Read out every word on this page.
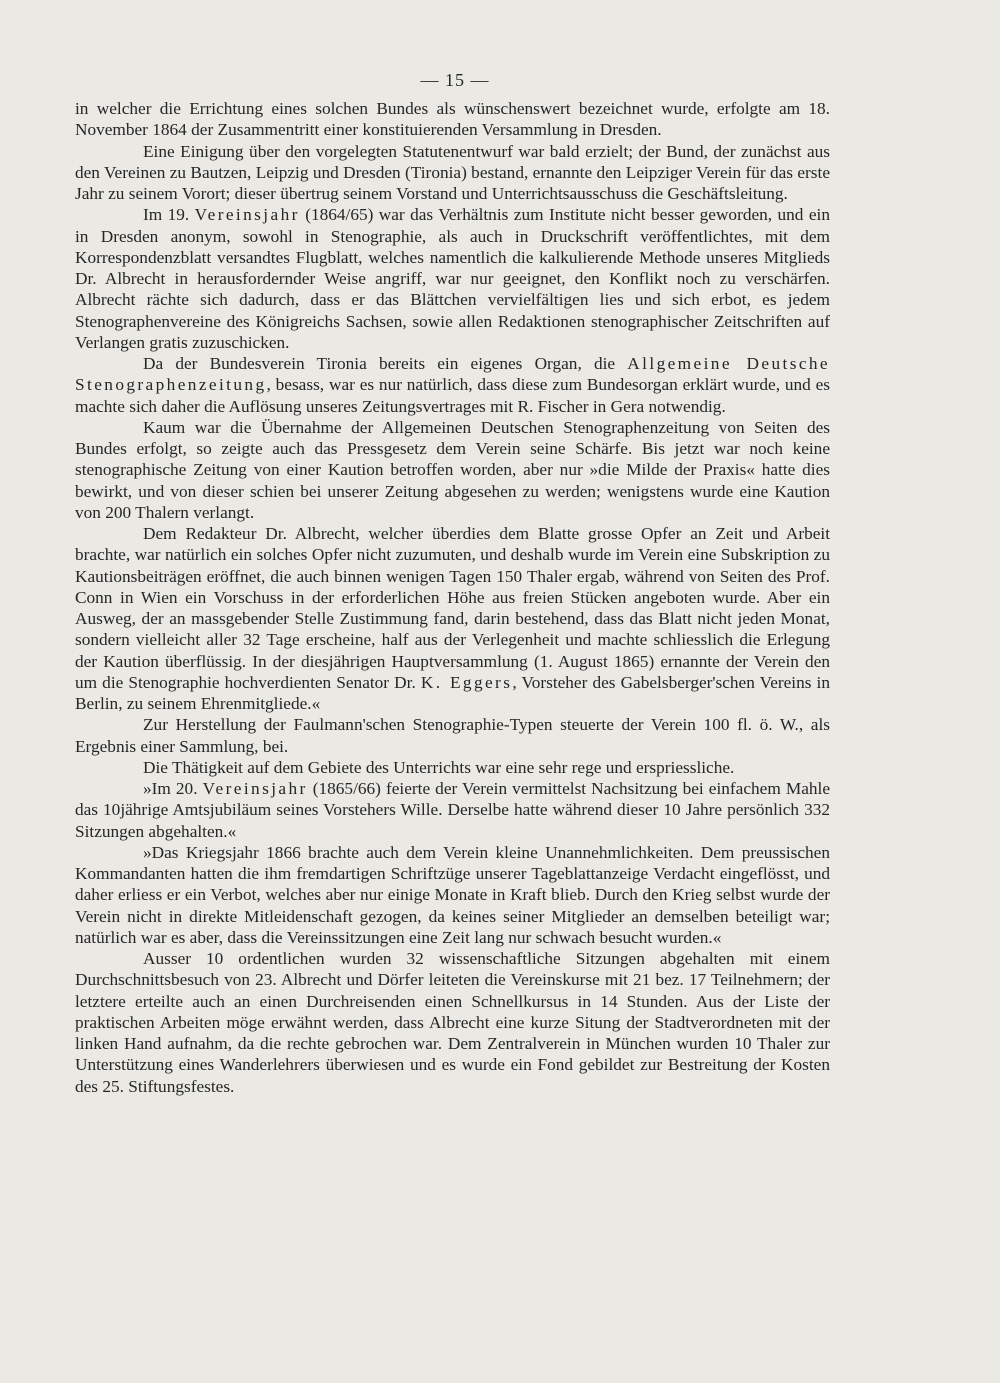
— 15 —

in welcher die Errichtung eines solchen Bundes als wünschenswert bezeichnet wurde, erfolgte am 18. November 1864 der Zusammentritt einer konstituierenden Versammlung in Dresden.

Eine Einigung über den vorgelegten Statutenentwurf war bald erzielt; der Bund, der zunächst aus den Vereinen zu Bautzen, Leipzig und Dresden (Tironia) bestand, ernannte den Leipziger Verein für das erste Jahr zu seinem Vorort; dieser übertrug seinem Vorstand und Unterrichtsausschuss die Geschäftsleitung.

Im 19. Vereinsjahr (1864/65) war das Verhältnis zum Institute nicht besser geworden, und ein in Dresden anonym, sowohl in Stenographie, als auch in Druckschrift veröffentlichtes, mit dem Korrespondenzblatt versandtes Flugblatt, welches namentlich die kalkulierende Methode unseres Mitglieds Dr. Albrecht in herausfordernder Weise angriff, war nur geeignet, den Konflikt noch zu verschärfen. Albrecht rächte sich dadurch, dass er das Blättchen vervielfältigen lies und sich erbot, es jedem Stenographenvereine des Königreichs Sachsen, sowie allen Redaktionen stenographischer Zeitschriften auf Verlangen gratis zuzuschicken.

Da der Bundesverein Tironia bereits ein eigenes Organ, die Allgemeine Deutsche Stenographenzeitung, besass, war es nur natürlich, dass diese zum Bundesorgan erklärt wurde, und es machte sich daher die Auflösung unseres Zeitungsvertrages mit R. Fischer in Gera notwendig.

Kaum war die Übernahme der Allgemeinen Deutschen Stenographenzeitung von Seiten des Bundes erfolgt, so zeigte auch das Pressgesetz dem Verein seine Schärfe. Bis jetzt war noch keine stenographische Zeitung von einer Kaution betroffen worden, aber nur »die Milde der Praxis« hatte dies bewirkt, und von dieser schien bei unserer Zeitung abgesehen zu werden; wenigstens wurde eine Kaution von 200 Thalern verlangt.

Dem Redakteur Dr. Albrecht, welcher überdies dem Blatte grosse Opfer an Zeit und Arbeit brachte, war natürlich ein solches Opfer nicht zuzumuten, und deshalb wurde im Verein eine Subskription zu Kautionsbeiträgen eröffnet, die auch binnen wenigen Tagen 150 Thaler ergab, während von Seiten des Prof. Conn in Wien ein Vorschuss in der erforderlichen Höhe aus freien Stücken angeboten wurde. Aber ein Ausweg, der an massgebender Stelle Zustimmung fand, darin bestehend, dass das Blatt nicht jeden Monat, sondern vielleicht aller 32 Tage erscheine, half aus der Verlegenheit und machte schliesslich die Erlegung der Kaution überflüssig. In der diesjährigen Hauptversammlung (1. August 1865) ernannte der Verein den um die Stenographie hochverdienten Senator Dr. K. Eggers, Vorsteher des Gabelsberger'schen Vereins in Berlin, zu seinem Ehrenmitgliede.«

Zur Herstellung der Faulmann'schen Stenographie-Typen steuerte der Verein 100 fl. ö. W., als Ergebnis einer Sammlung, bei.

Die Thätigkeit auf dem Gebiete des Unterrichts war eine sehr rege und erspriessliche.

»Im 20. Vereinsjahr (1865/66) feierte der Verein vermittelst Nachsitzung bei einfachem Mahle das 10jährige Amtsjubiläum seines Vorstehers Wille. Derselbe hatte während dieser 10 Jahre persönlich 332 Sitzungen abgehalten.«

»Das Kriegsjahr 1866 brachte auch dem Verein kleine Unannehmlichkeiten. Dem preussischen Kommandanten hatten die ihm fremdartigen Schriftzüge unserer Tageblattanzeige Verdacht eingeflösst, und daher erliess er ein Verbot, welches aber nur einige Monate in Kraft blieb. Durch den Krieg selbst wurde der Verein nicht in direkte Mitleidenschaft gezogen, da keines seiner Mitglieder an demselben beteiligt war; natürlich war es aber, dass die Vereinssitzungen eine Zeit lang nur schwach besucht wurden.«

Ausser 10 ordentlichen wurden 32 wissenschaftliche Sitzungen abgehalten mit einem Durchschnittsbesuch von 23. Albrecht und Dörfer leiteten die Vereinskurse mit 21 bez. 17 Teilnehmern; der letztere erteilte auch an einen Durchreisenden einen Schnellkursus in 14 Stunden. Aus der Liste der praktischen Arbeiten möge erwähnt werden, dass Albrecht eine kurze Situng der Stadtverordneten mit der linken Hand aufnahm, da die rechte gebrochen war. Dem Zentralverein in München wurden 10 Thaler zur Unterstützung eines Wanderlehrers überwiesen und es wurde ein Fond gebildet zur Bestreitung der Kosten des 25. Stiftungsfestes.
